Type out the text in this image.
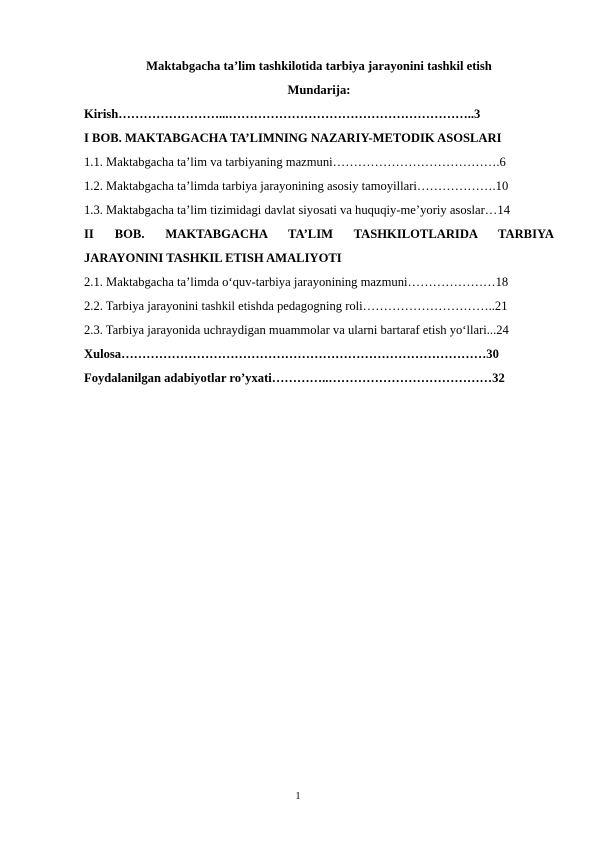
Maktabgacha ta’lim tashkilotida tarbiya jarayonini tashkil etish
Mundarija:
Kirish……………………...…………………………………………………..3
I BOB. MAKTABGACHA TA’LIMNING NAZARIY-METODIK ASOSLARI
1.1. Maktabgacha ta’lim va tarbiyaning mazmuni………………………………….6
1.2. Maktabgacha ta’limda tarbiya jarayonining asosiy tamoyillari……………….10
1.3. Maktabgacha ta’lim tizimidagi davlat siyosati va huquqiy-me’yoriy asoslar…14
II BOB. MAKTABGACHA TA’LIM TASHKILOTLARIDA TARBIYA
JARAYONINI TASHKIL ETISH AMALIYOTI
2.1. Maktabgacha ta’limda o‘quv-tarbiya jarayonining mazmuni…………………18
2.2. Tarbiya jarayonini tashkil etishda pedagogning roli…………………………..21
2.3. Tarbiya jarayonida uchraydigan muammolar va ularni bartaraf etish yo‘llari...24
Xulosa……………………………………………………………………………30
Foydalanilgan adabiyotlar ro’yxati…………..…………………………………32
1
